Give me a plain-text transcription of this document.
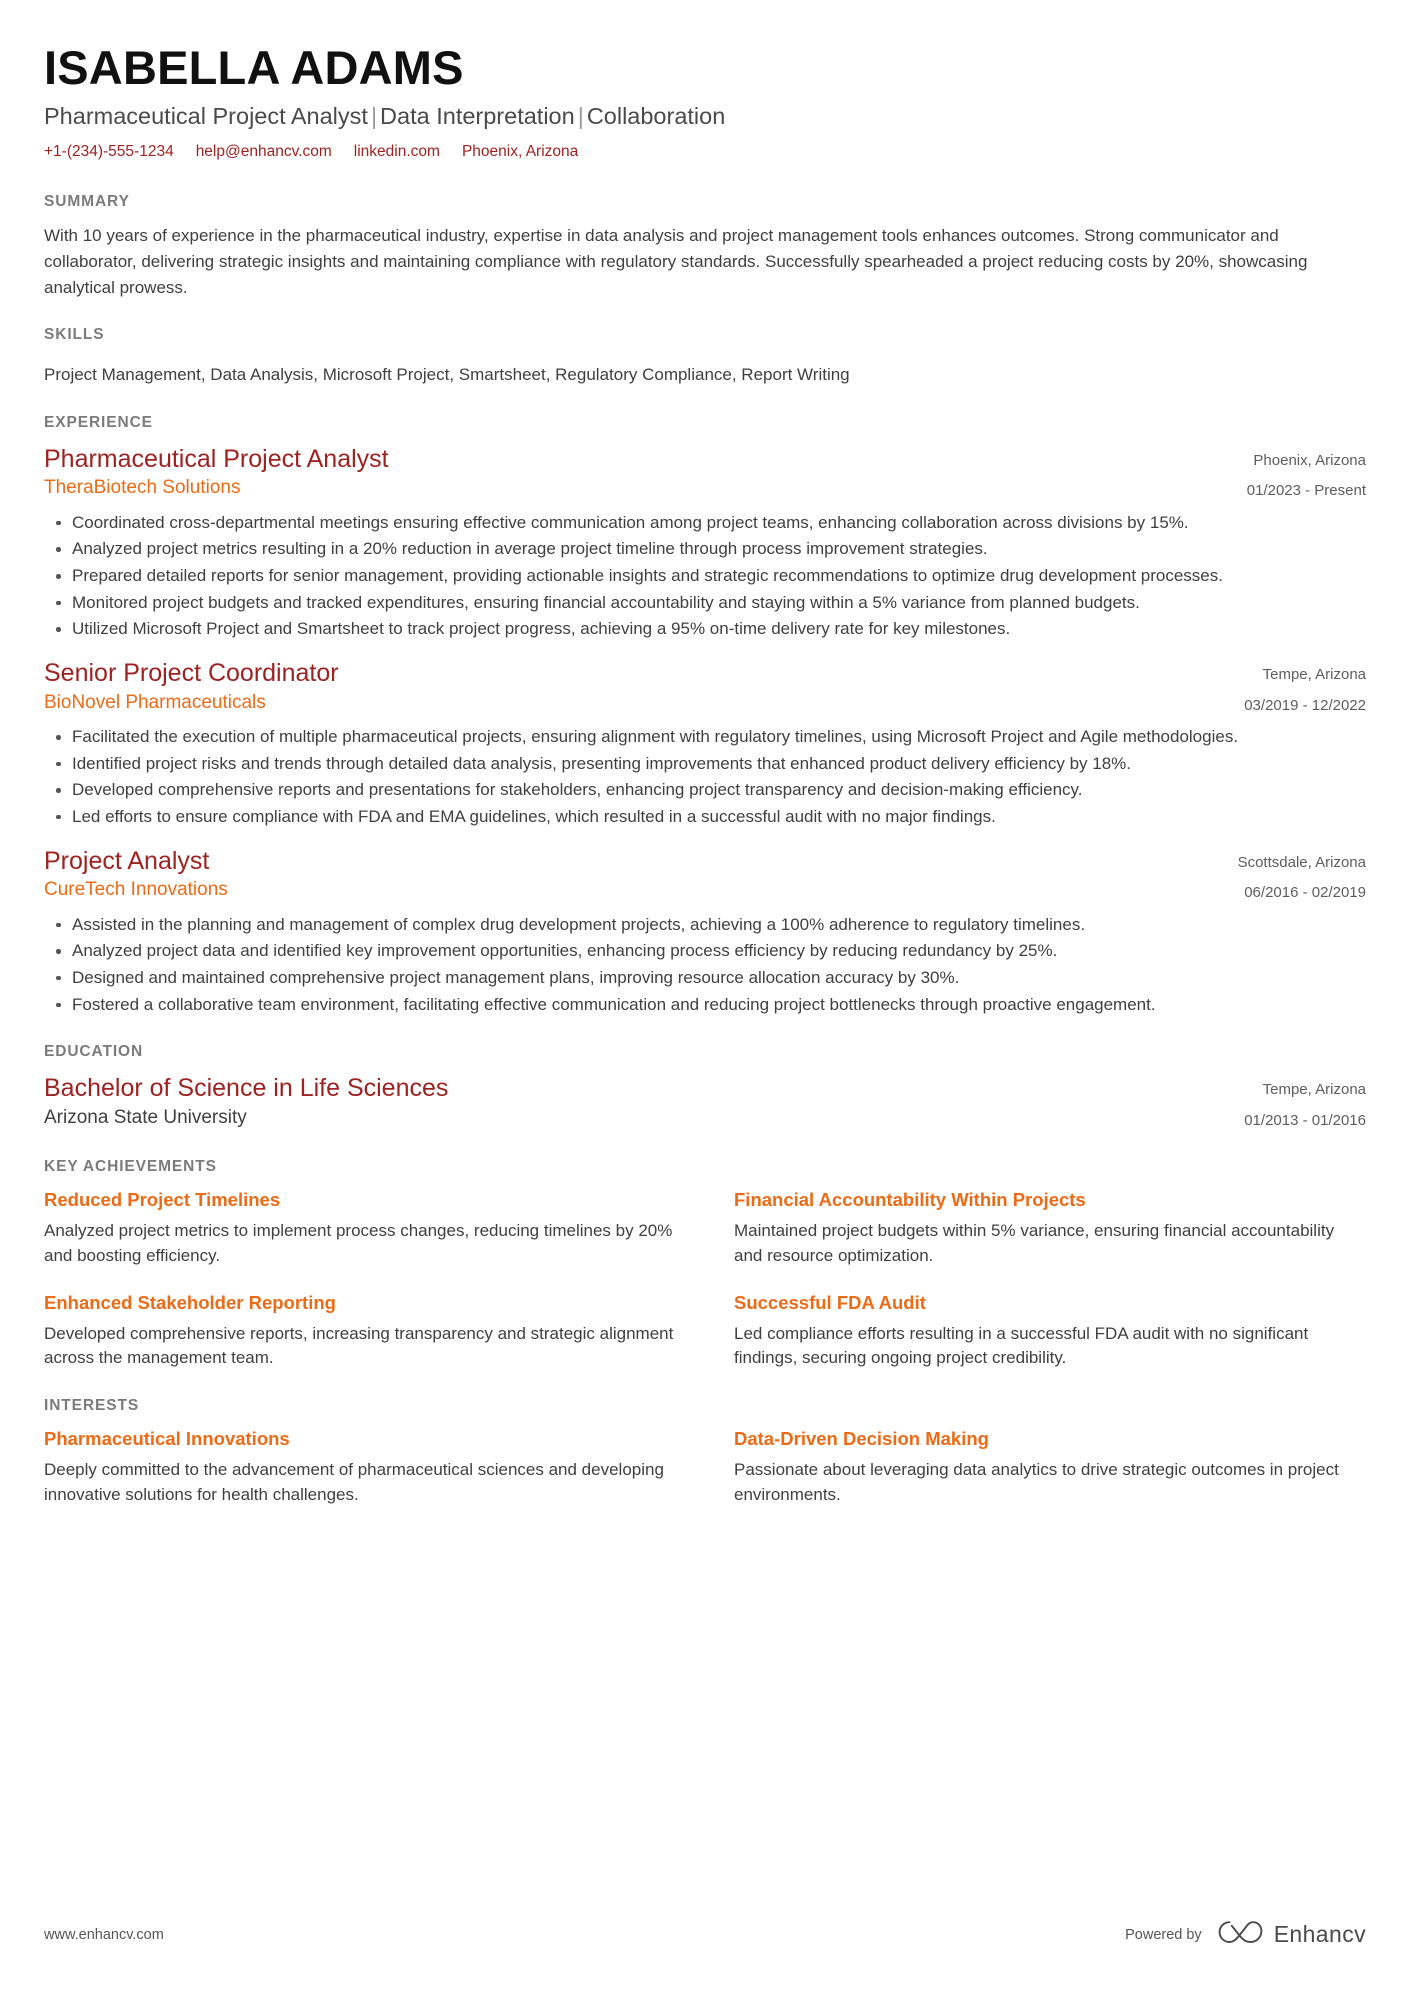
ISABELLA ADAMS
Pharmaceutical Project Analyst | Data Interpretation | Collaboration
+1-(234)-555-1234 help@enhancv.com linkedin.com Phoenix, Arizona
SUMMARY
With 10 years of experience in the pharmaceutical industry, expertise in data analysis and project management tools enhances outcomes. Strong communicator and collaborator, delivering strategic insights and maintaining compliance with regulatory standards. Successfully spearheaded a project reducing costs by 20%, showcasing analytical prowess.
SKILLS
Project Management, Data Analysis, Microsoft Project, Smartsheet, Regulatory Compliance, Report Writing
EXPERIENCE
Pharmaceutical Project Analyst
TheraBiotech Solutions
Phoenix, Arizona
01/2023 - Present
Coordinated cross-departmental meetings ensuring effective communication among project teams, enhancing collaboration across divisions by 15%.
Analyzed project metrics resulting in a 20% reduction in average project timeline through process improvement strategies.
Prepared detailed reports for senior management, providing actionable insights and strategic recommendations to optimize drug development processes.
Monitored project budgets and tracked expenditures, ensuring financial accountability and staying within a 5% variance from planned budgets.
Utilized Microsoft Project and Smartsheet to track project progress, achieving a 95% on-time delivery rate for key milestones.
Senior Project Coordinator
BioNovel Pharmaceuticals
Tempe, Arizona
03/2019 - 12/2022
Facilitated the execution of multiple pharmaceutical projects, ensuring alignment with regulatory timelines, using Microsoft Project and Agile methodologies.
Identified project risks and trends through detailed data analysis, presenting improvements that enhanced product delivery efficiency by 18%.
Developed comprehensive reports and presentations for stakeholders, enhancing project transparency and decision-making efficiency.
Led efforts to ensure compliance with FDA and EMA guidelines, which resulted in a successful audit with no major findings.
Project Analyst
CureTech Innovations
Scottsdale, Arizona
06/2016 - 02/2019
Assisted in the planning and management of complex drug development projects, achieving a 100% adherence to regulatory timelines.
Analyzed project data and identified key improvement opportunities, enhancing process efficiency by reducing redundancy by 25%.
Designed and maintained comprehensive project management plans, improving resource allocation accuracy by 30%.
Fostered a collaborative team environment, facilitating effective communication and reducing project bottlenecks through proactive engagement.
EDUCATION
Bachelor of Science in Life Sciences
Arizona State University
Tempe, Arizona
01/2013 - 01/2016
KEY ACHIEVEMENTS
Reduced Project Timelines
Analyzed project metrics to implement process changes, reducing timelines by 20% and boosting efficiency.
Financial Accountability Within Projects
Maintained project budgets within 5% variance, ensuring financial accountability and resource optimization.
Enhanced Stakeholder Reporting
Developed comprehensive reports, increasing transparency and strategic alignment across the management team.
Successful FDA Audit
Led compliance efforts resulting in a successful FDA audit with no significant findings, securing ongoing project credibility.
INTERESTS
Pharmaceutical Innovations
Deeply committed to the advancement of pharmaceutical sciences and developing innovative solutions for health challenges.
Data-Driven Decision Making
Passionate about leveraging data analytics to drive strategic outcomes in project environments.
www.enhancv.com	Powered by	Enhancv
